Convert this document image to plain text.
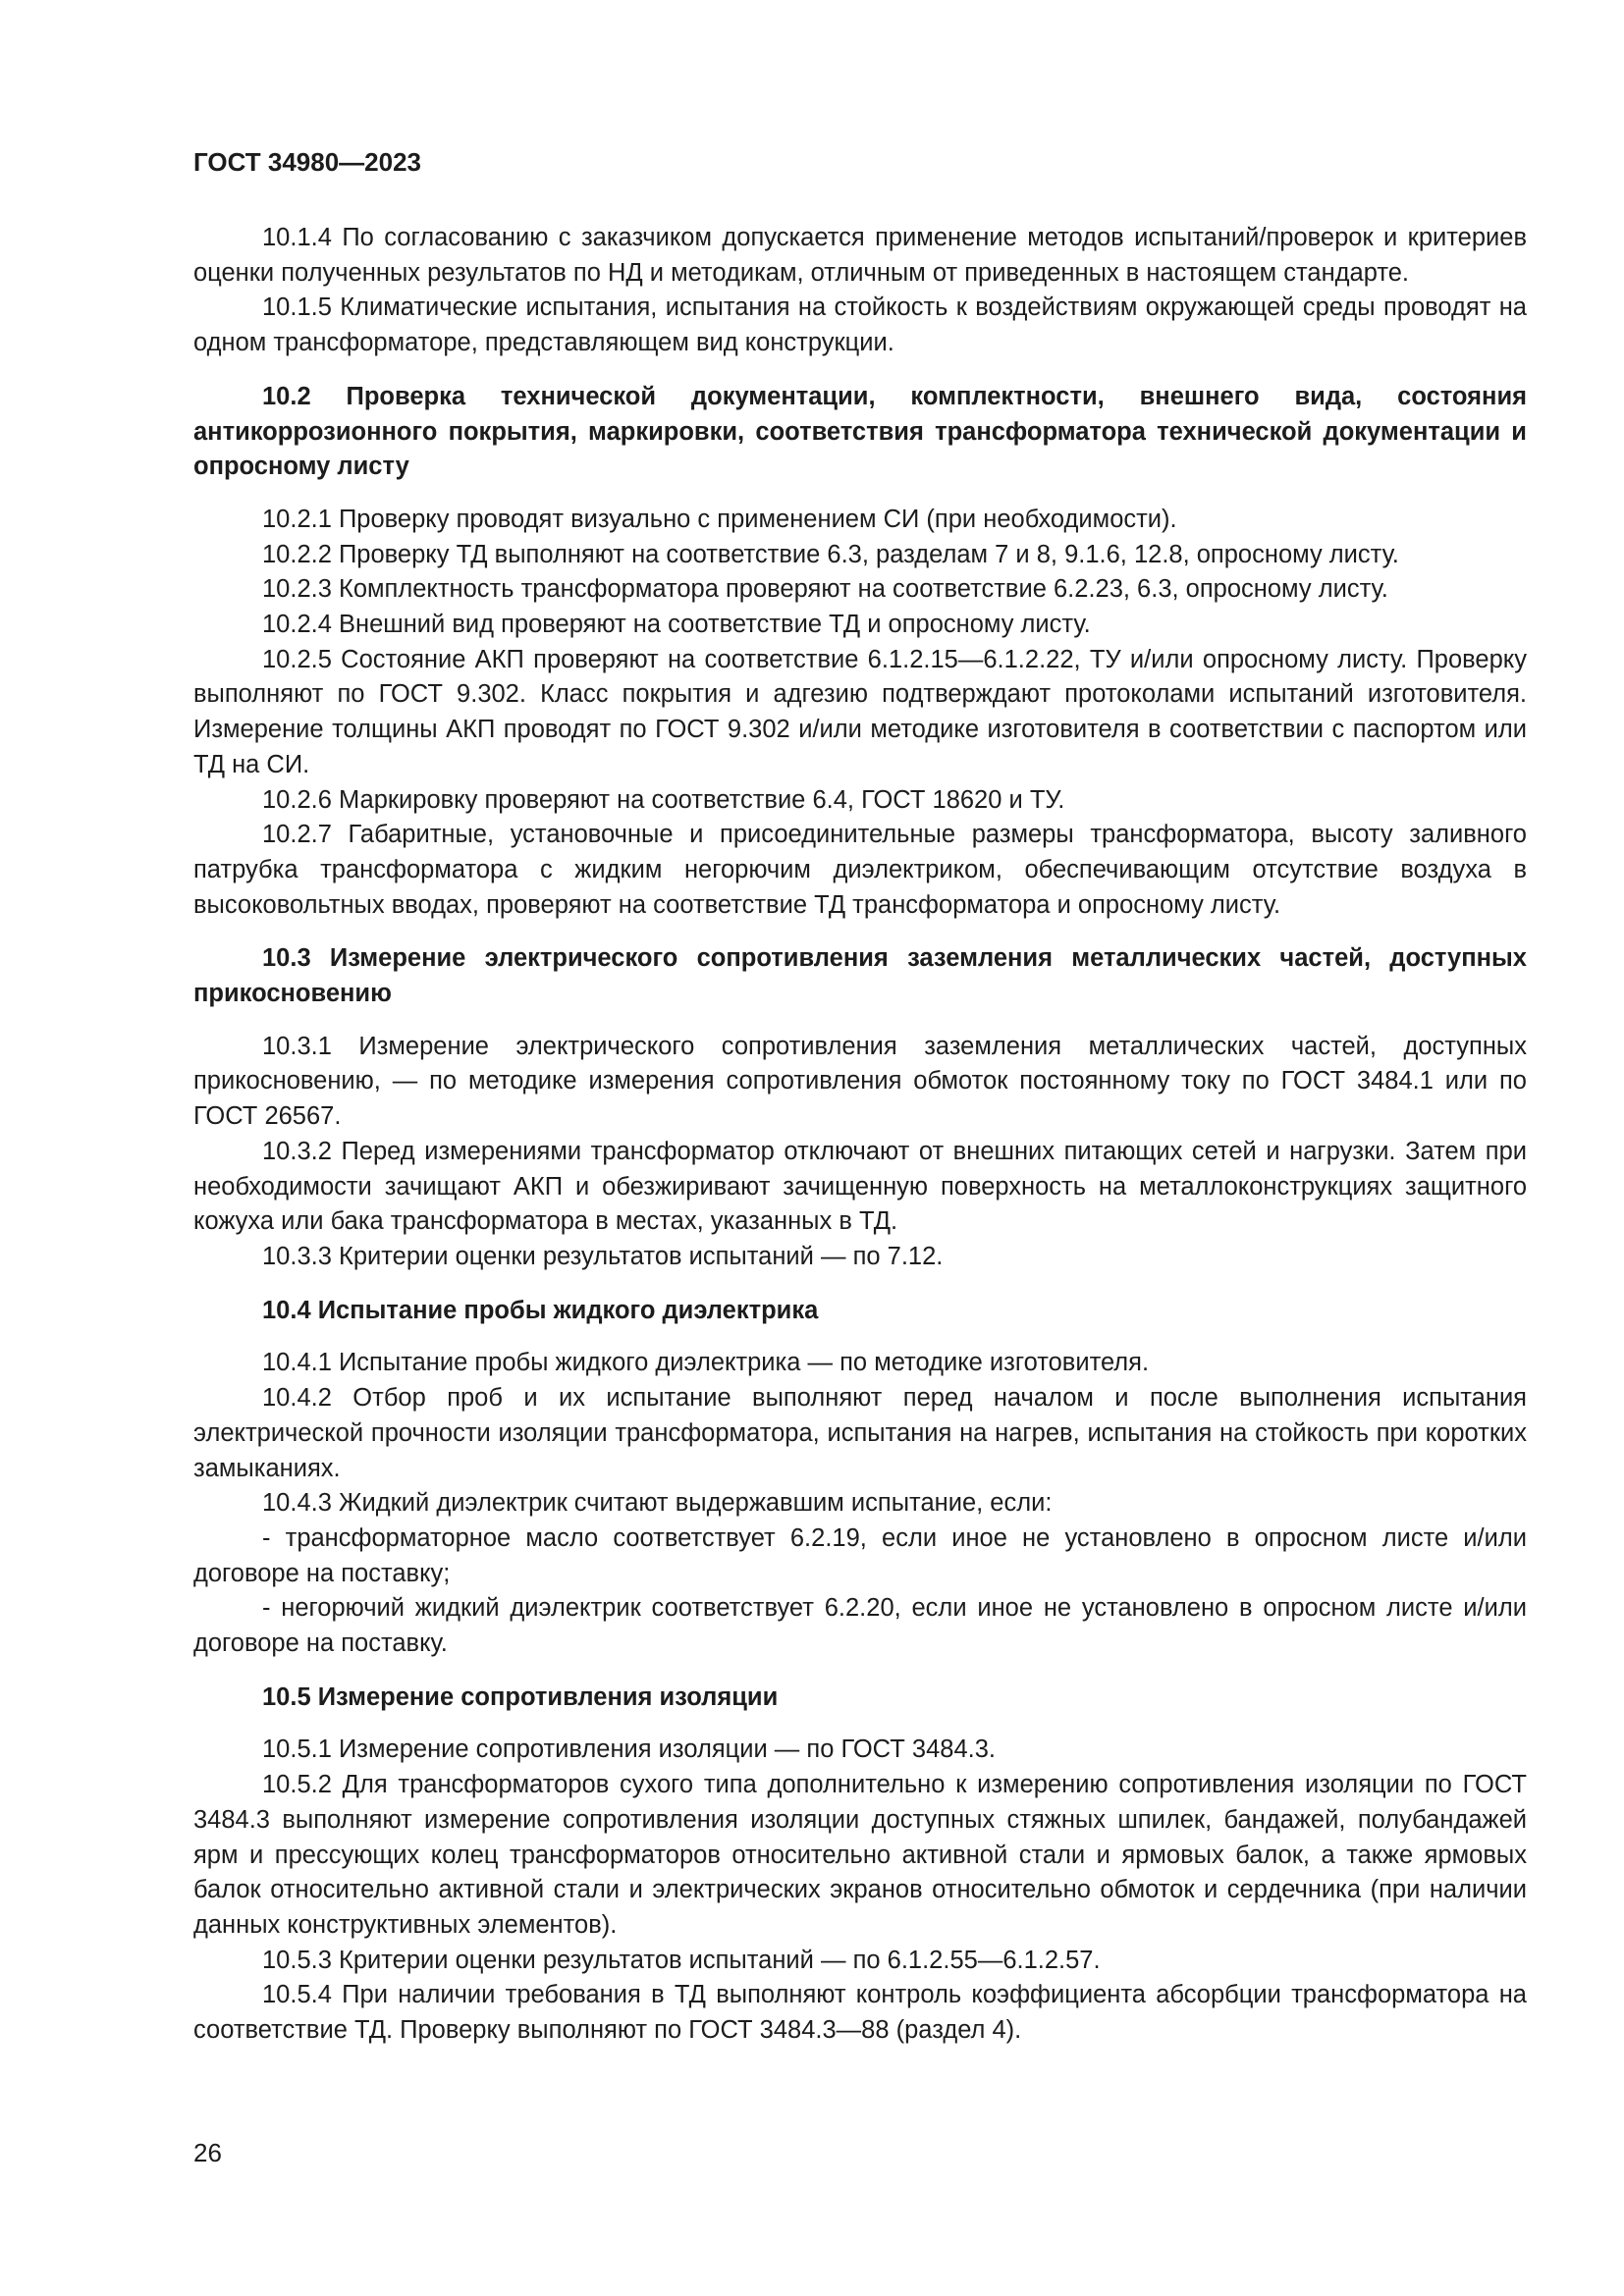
ГОСТ 34980—2023

10.1.4 По согласованию с заказчиком допускается применение методов испытаний/проверок и критериев оценки полученных результатов по НД и методикам, отличным от приведенных в настоящем стандарте.

10.1.5 Климатические испытания, испытания на стойкость к воздействиям окружающей среды проводят на одном трансформаторе, представляющем вид конструкции.

10.2 Проверка технической документации, комплектности, внешнего вида, состояния антикоррозионного покрытия, маркировки, соответствия трансформатора технической документации и опросному листу

10.2.1 Проверку проводят визуально с применением СИ (при необходимости).

10.2.2 Проверку ТД выполняют на соответствие 6.3, разделам 7 и 8, 9.1.6, 12.8, опросному листу.

10.2.3 Комплектность трансформатора проверяют на соответствие 6.2.23, 6.3, опросному листу.

10.2.4 Внешний вид проверяют на соответствие ТД и опросному листу.

10.2.5 Состояние АКП проверяют на соответствие 6.1.2.15—6.1.2.22, ТУ и/или опросному листу. Проверку выполняют по ГОСТ 9.302. Класс покрытия и адгезию подтверждают протоколами испытаний изготовителя. Измерение толщины АКП проводят по ГОСТ 9.302 и/или методике изготовителя в соответствии с паспортом или ТД на СИ.

10.2.6 Маркировку проверяют на соответствие 6.4, ГОСТ 18620 и ТУ.

10.2.7 Габаритные, установочные и присоединительные размеры трансформатора, высоту заливного патрубка трансформатора с жидким негорючим диэлектриком, обеспечивающим отсутствие воздуха в высоковольтных вводах, проверяют на соответствие ТД трансформатора и опросному листу.

10.3 Измерение электрического сопротивления заземления металлических частей, доступных прикосновению

10.3.1 Измерение электрического сопротивления заземления металлических частей, доступных прикосновению, — по методике измерения сопротивления обмоток постоянному току по ГОСТ 3484.1 или по ГОСТ 26567.

10.3.2 Перед измерениями трансформатор отключают от внешних питающих сетей и нагрузки. Затем при необходимости зачищают АКП и обезжиривают зачищенную поверхность на металлоконструкциях защитного кожуха или бака трансформатора в местах, указанных в ТД.

10.3.3 Критерии оценки результатов испытаний — по 7.12.

10.4 Испытание пробы жидкого диэлектрика

10.4.1 Испытание пробы жидкого диэлектрика — по методике изготовителя.

10.4.2 Отбор проб и их испытание выполняют перед началом и после выполнения испытания электрической прочности изоляции трансформатора, испытания на нагрев, испытания на стойкость при коротких замыканиях.

10.4.3 Жидкий диэлектрик считают выдержавшим испытание, если:

- трансформаторное масло соответствует 6.2.19, если иное не установлено в опросном листе и/или договоре на поставку;

- негорючий жидкий диэлектрик соответствует 6.2.20, если иное не установлено в опросном листе и/или договоре на поставку.

10.5 Измерение сопротивления изоляции

10.5.1 Измерение сопротивления изоляции — по ГОСТ 3484.3.

10.5.2 Для трансформаторов сухого типа дополнительно к измерению сопротивления изоляции по ГОСТ 3484.3 выполняют измерение сопротивления изоляции доступных стяжных шпилек, бандажей, полубандажей ярм и прессующих колец трансформаторов относительно активной стали и ярмовых балок, а также ярмовых балок относительно активной стали и электрических экранов относительно обмоток и сердечника (при наличии данных конструктивных элементов).

10.5.3 Критерии оценки результатов испытаний — по 6.1.2.55—6.1.2.57.

10.5.4 При наличии требования в ТД выполняют контроль коэффициента абсорбции трансформатора на соответствие ТД. Проверку выполняют по ГОСТ 3484.3—88 (раздел 4).

26
